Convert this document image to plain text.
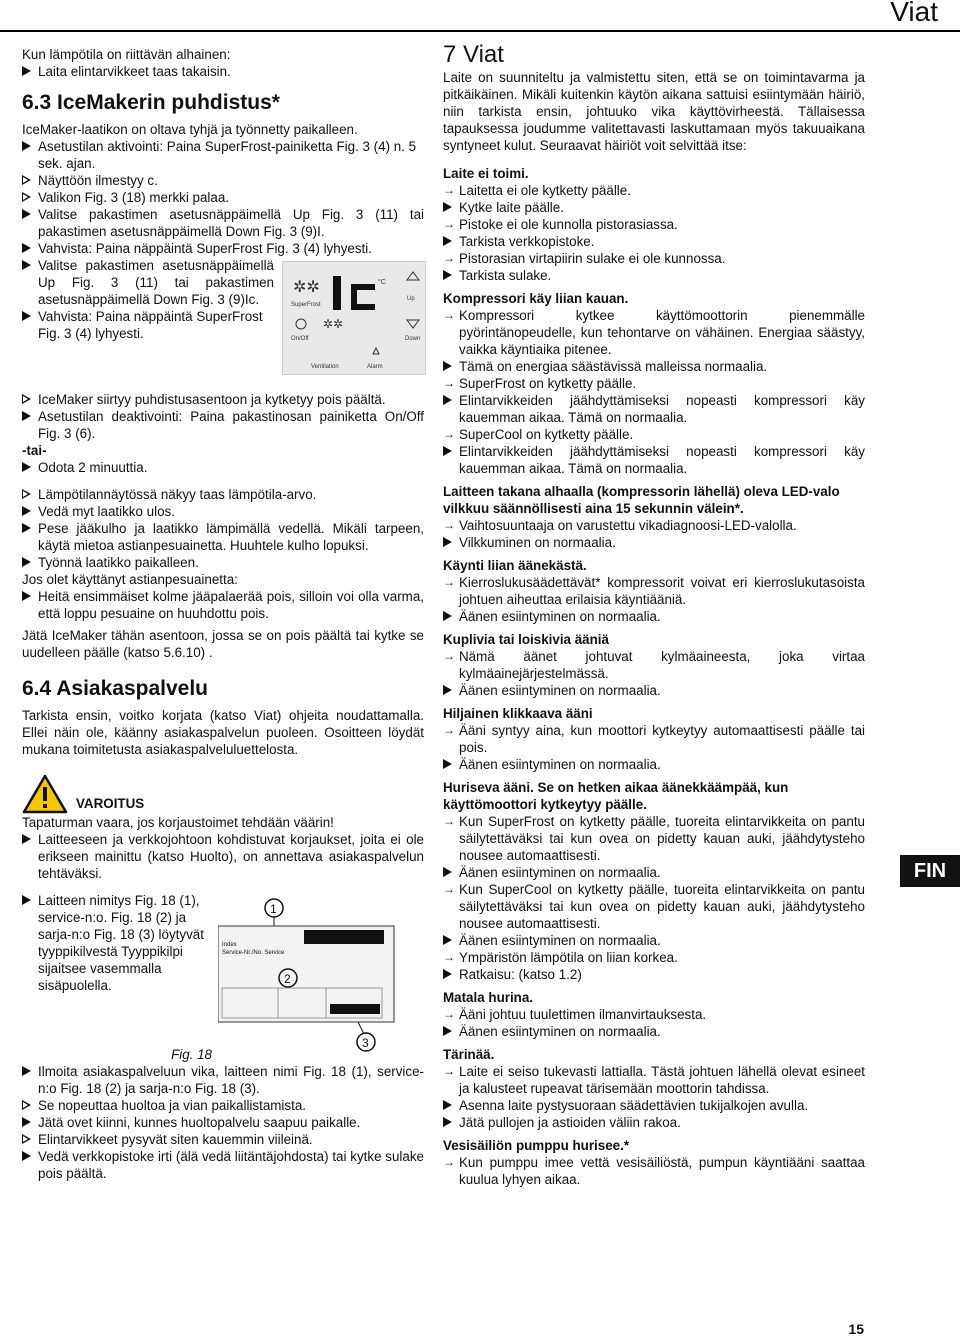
Viat

Kun lämpötila on riittävän alhainen:

Laita elintarvikkeet taas takaisin.
6.3 IceMakerin puhdistus*

IceMaker-laatikon on oltava tyhjä ja työnnetty paikalleen.

Asetustilan aktivointi: Paina SuperFrost-painiketta Fig. 3 (4) n. 5 sek. ajan.
Näyttöön ilmestyy c.
Valikon Fig. 3 (18) merkki palaa.
Valitse pakastimen asetusnäppäimellä Up Fig. 3 (11) tai pakastimen asetusnäppäimellä Down Fig. 3 (9)I.
Vahvista: Paina näppäintä SuperFrost Fig. 3 (4) lyhyesti.
✲✲
SuperFrost
°C
Up
On/Off
✲✲
Down
Ventilation	Alarm
Valitse pakastimen asetusnäppäimellä Up Fig. 3 (11) tai pakastimen asetusnäppäimellä Down Fig. 3 (9)Ic.
Vahvista: Paina näppäintä SuperFrost Fig. 3 (4) lyhyesti.
IceMaker siirtyy puhdistusasentoon ja kytketyy pois päältä.
Asetustilan deaktivointi: Paina pakastinosan painiketta On/Off Fig. 3 (6).

-tai-

Odota 2 minuuttia.
Lämpötilannäytössä näkyy taas lämpötila-arvo.
Vedä myt laatikko ulos.
Pese jääkulho ja laatikko lämpimällä vedellä. Mikäli tarpeen, käytä mietoa astianpesuainetta. Huuhtele kulho lopuksi.
Työnnä laatikko paikalleen.

Jos olet käyttänyt astianpesuainetta:

Heitä ensimmäiset kolme jääpalaerää pois, silloin voi olla varma, että loppu pesuaine on huuhdottu pois.

Jätä IceMaker tähän asentoon, jossa se on pois päältä tai kytke se uudelleen päälle (katso 5.6.10) .

6.4 Asiakaspalvelu

Tarkista ensin, voitko korjata (katso Viat) ohjeita noudattamalla. Ellei näin ole, käänny asiakaspalvelun puoleen. Osoitteen löydät mukana toimitetusta asiakaspalveluluettelosta.

VAROITUS

Tapaturman vaara, jos korjaustoimet tehdään väärin!

Laitteeseen ja verkkojohtoon kohdistuvat korjaukset, joita ei ole erikseen mainittu (katso Huolto), on annettava asiakaspalvelun tehtäväksi.
1
Index
Service-Nr./No. Service
2
3
Laitteen nimitys Fig. 18 (1), service-n:o. Fig. 18 (2) ja sarja-n:o Fig. 18 (3) löytyvät tyyppikilvestä Tyyppikilpi sijaitsee vasemmalla sisäpuolella.

Fig. 18

Ilmoita asiakaspalveluun vika, laitteen nimi Fig. 18 (1), service-n:o Fig. 18 (2) ja sarja-n:o Fig. 18 (3).
Se nopeuttaa huoltoa ja vian paikallistamista.
Jätä ovet kiinni, kunnes huoltopalvelu saapuu paikalle.
Elintarvikkeet pysyvät siten kauemmin viileinä.
Vedä verkkopistoke irti (älä vedä liitäntäjohdosta) tai kytke sulake pois päältä.
7 Viat

Laite on suunniteltu ja valmistettu siten, että se on toimintavarma ja pitkäikäinen. Mikäli kuitenkin käytön aikana sattuisi esiintymään häiriö, niin tarkista ensin, johtuuko vika käyttövirheestä. Tällaisessa tapauksessa joudumme valitettavasti laskuttamaan myös takuuaikana syntyneet kulut. Seuraavat häiriöt voit selvittää itse:

Laite ei toimi.

→ Laitetta ei ole kytketty päälle.
Kytke laite päälle.
→ Pistoke ei ole kunnolla pistorasiassa.
Tarkista verkkopistoke.
→ Pistorasian virtapiirin sulake ei ole kunnossa.
Tarkista sulake.

Kompressori käy liian kauan.

→ Kompressori kytkee käyttömoottorin pienemmälle pyörintänopeudelle, kun tehontarve on vähäinen. Energiaa säästyy, vaikka käyntiaika pitenee.
Tämä on energiaa säästävissä malleissa normaalia.
→ SuperFrost on kytketty päälle.
Elintarvikkeiden jäähdyttämiseksi nopeasti kompressori käy kauemman aikaa. Tämä on normaalia.
→ SuperCool on kytketty päälle.
Elintarvikkeiden jäähdyttämiseksi nopeasti kompressori käy kauemman aikaa. Tämä on normaalia.

Laitteen takana alhaalla (kompressorin lähellä) oleva LED-valo vilkkuu säännöllisesti aina 15 sekunnin välein*.

→ Vaihtosuuntaaja on varustettu vikadiagnoosi-LED-valolla.
Vilkkuminen on normaalia.

Käynti liian äänekästä.

→ Kierroslukusäädettävät* kompressorit voivat eri kierroslukutasoista johtuen aiheuttaa erilaisia käyntiääniä.
Äänen esiintyminen on normaalia.

Kuplivia tai loiskivia ääniä

→ Nämä äänet johtuvat kylmäaineesta, joka virtaa kylmäainejärjestelmässä.
Äänen esiintyminen on normaalia.

Hiljainen klikkaava ääni

→ Ääni syntyy aina, kun moottori kytkeytyy automaattisesti päälle tai pois.
Äänen esiintyminen on normaalia.

Huriseva ääni. Se on hetken aikaa äänekkäämpää, kun käyttömoottori kytkeytyy päälle.

→ Kun SuperFrost on kytketty päälle, tuoreita elintarvikkeita on pantu säilytettäväksi tai kun ovea on pidetty kauan auki, jäähdytysteho nousee automaattisesti.
Äänen esiintyminen on normaalia.
→ Kun SuperCool on kytketty päälle, tuoreita elintarvikkeita on pantu säilytettäväksi tai kun ovea on pidetty kauan auki, jäähdytysteho nousee automaattisesti.
Äänen esiintyminen on normaalia.
→ Ympäristön lämpötila on liian korkea.
Ratkaisu: (katso 1.2)

Matala hurina.

→ Ääni johtuu tuulettimen ilmanvirtauksesta.
Äänen esiintyminen on normaalia.

Tärinää.

→ Laite ei seiso tukevasti lattialla. Tästä johtuen lähellä olevat esineet ja kalusteet rupeavat tärisemään moottorin tahdissa.
Asenna laite pystysuoraan säädettävien tukijalkojen avulla.
Jätä pullojen ja astioiden väliin rakoa.

Vesisäiliön pumppu hurisee.*

→ Kun pumppu imee vettä vesisäiliöstä, pumpun käyntiääni saattaa kuulua lyhyen aikaa.
FIN
15
